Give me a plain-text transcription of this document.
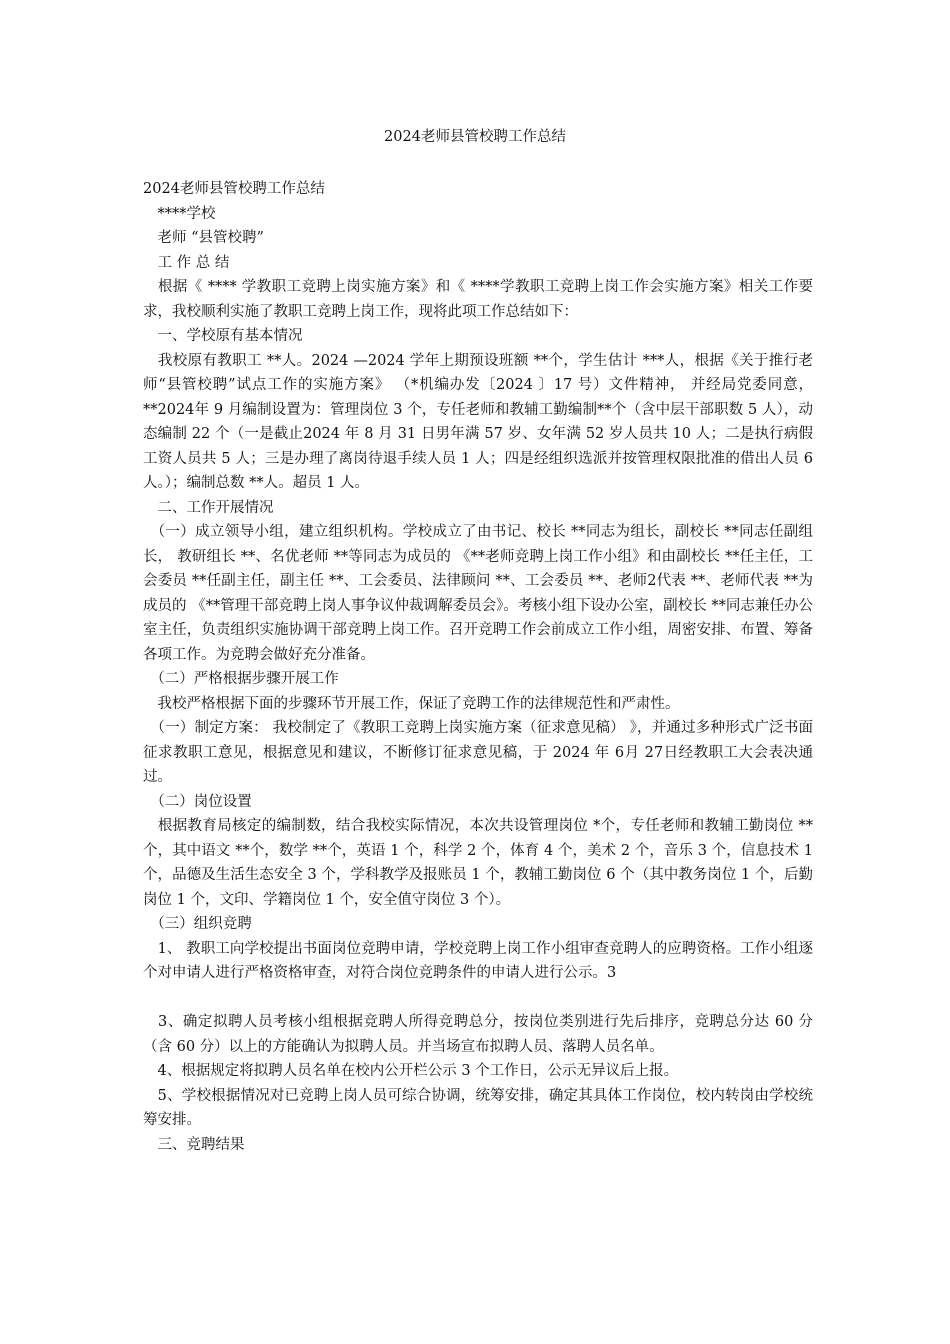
2024老师县管校聘工作总结

2024老师县管校聘工作总结

　****学校

　老师 “县管校聘”

　工 作 总 结

　根据《 **** 学教职工竞聘上岗实施方案》和《 ****学教职工竞聘上岗工作会实施方案》相关工作要求，我校顺利实施了教职工竞聘上岗工作，现将此项工作总结如下：

　一、学校原有基本情况

　我校原有教职工 **人。2024 —2024 学年上期预设班额 **个，学生估计 ***人，根据《关于推行老师“县管校聘”试点工作的实施方案》 （*机编办发〔2024 〕17 号）文件精神， 并经局党委同意， **2024年 9 月编制设置为：管理岗位 3 个，专任老师和教辅工勤编制**个（含中层干部职数 5 人），动态编制 22 个（一是截止2024 年 8 月 31 日男年满 57 岁、女年满 52 岁人员共 10 人；二是执行病假工资人员共 5 人；三是办理了离岗待退手续人员 1 人；四是经组织选派并按管理权限批准的借出人员 6 人。）；编制总数 **人。超员 1 人。

　二、工作开展情况

　（一）成立领导小组，建立组织机构。学校成立了由书记、校长 **同志为组长，副校长 **同志任副组长， 教研组长 **、名优老师 **等同志为成员的 《**老师竞聘上岗工作小组》和由副校长 **任主任，工会委员 **任副主任，副主任 **、工会委员、法律顾问 **、工会委员 **、老师2代表 **、老师代表 **为成员的 《**管理干部竞聘上岗人事争议仲裁调解委员会》。考核小组下设办公室，副校长 **同志兼任办公室主任，负责组织实施协调干部竞聘上岗工作。召开竞聘工作会前成立工作小组，周密安排、布置、筹备各项工作。为竞聘会做好充分准备。

　（二）严格根据步骤开展工作

　我校严格根据下面的步骤环节开展工作，保证了竞聘工作的法律规范性和严肃性。

　（一）制定方案： 我校制定了《教职工竞聘上岗实施方案（征求意见稿） 》，并通过多种形式广泛书面征求教职工意见，根据意见和建议，不断修订征求意见稿，于 2024 年 6月 27日经教职工大会表决通过。

　（二）岗位设置

　根据教育局核定的编制数，结合我校实际情况，本次共设管理岗位 *个，专任老师和教辅工勤岗位 **个，其中语文 **个，数学 **个，英语 1 个，科学 2 个，体育 4 个，美术 2 个，音乐 3 个，信息技术 1 个，品德及生活生态安全 3 个，学科教学及报账员 1 个，教辅工勤岗位 6 个（其中教务岗位 1 个，后勤岗位 1 个，文印、学籍岗位 1 个，安全值守岗位 3 个）。

　（三）组织竞聘

　1、 教职工向学校提出书面岗位竞聘申请，学校竞聘上岗工作小组审查竞聘人的应聘资格。工作小组逐个对申请人进行严格资格审查，对符合岗位竞聘条件的申请人进行公示。3

　3、确定拟聘人员考核小组根据竞聘人所得竞聘总分，按岗位类别进行先后排序，竞聘总分达 60 分（含 60 分）以上的方能确认为拟聘人员。并当场宣布拟聘人员、落聘人员名单。

　4、根据规定将拟聘人员名单在校内公开栏公示 3 个工作日，公示无异议后上报。

　5、学校根据情况对已竞聘上岗人员可综合协调，统筹安排，确定其具体工作岗位，校内转岗由学校统筹安排。

　三、竞聘结果
